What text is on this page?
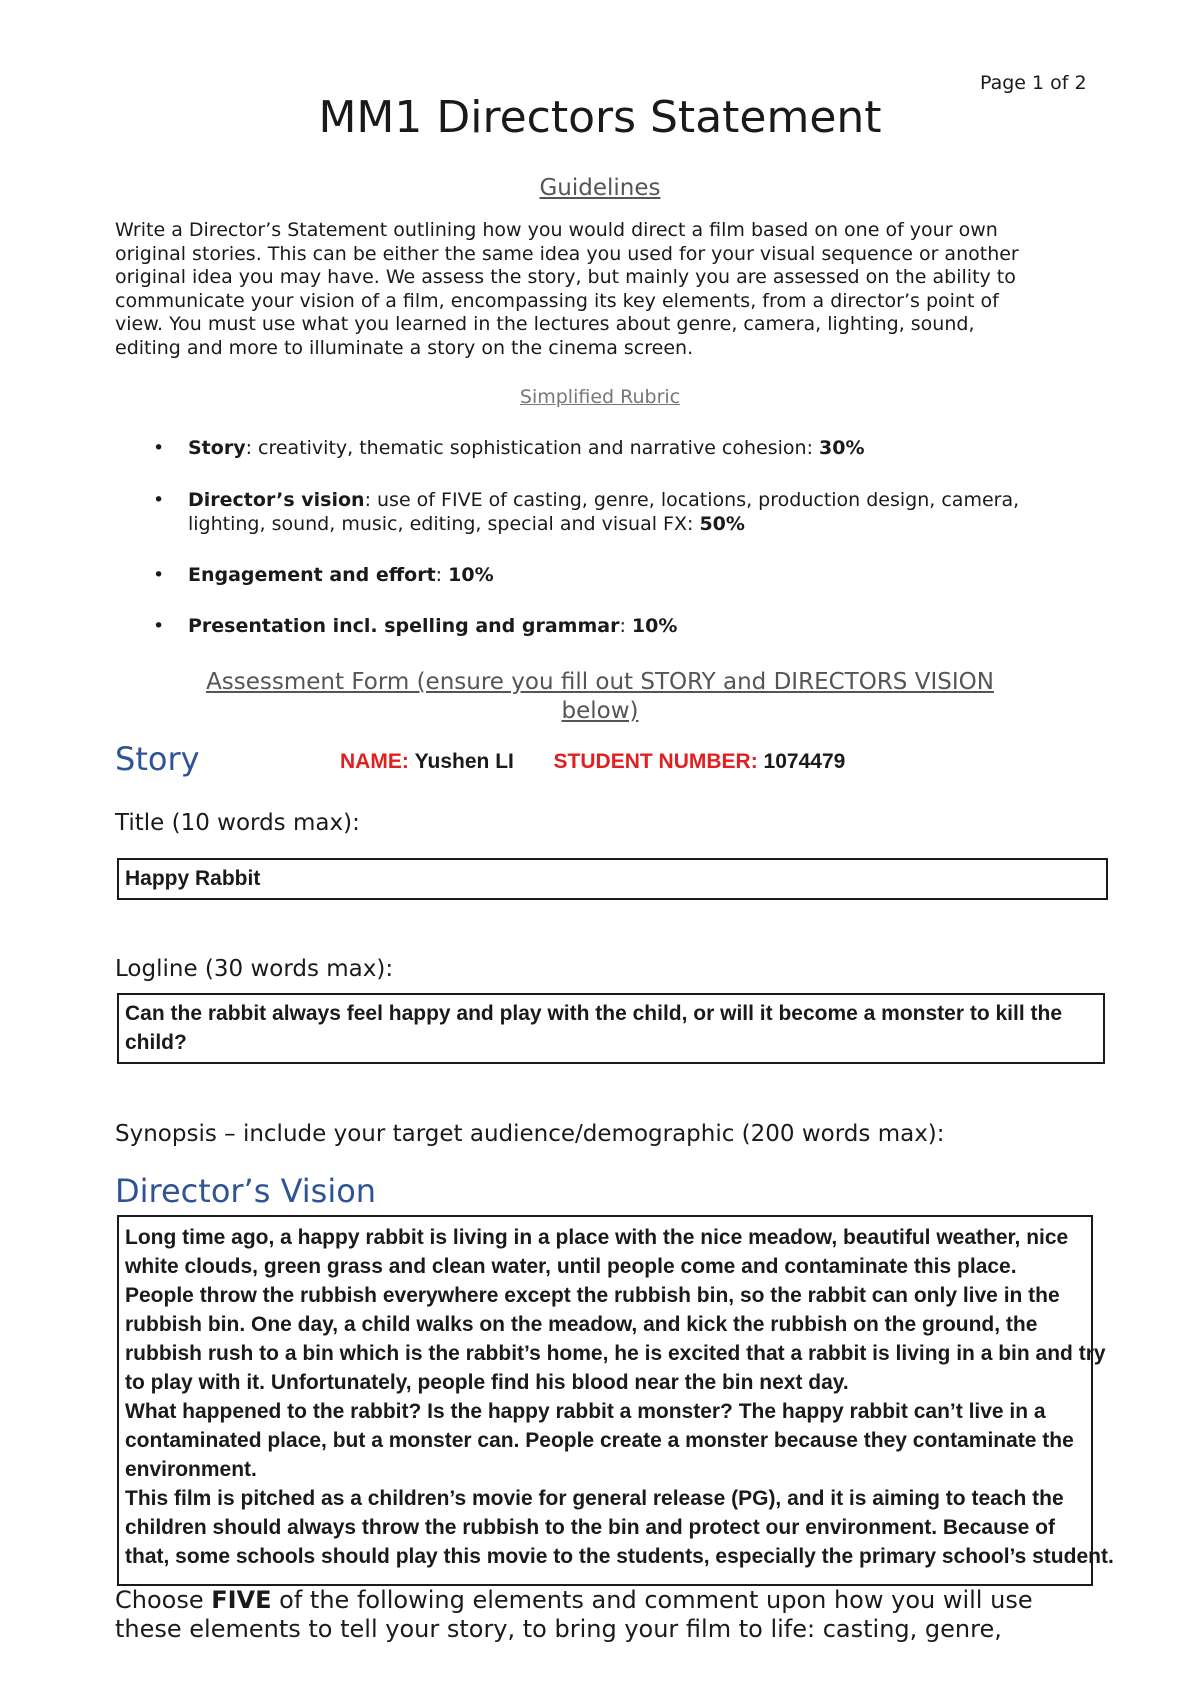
Page 1 of 2
MM1 Directors Statement
Guidelines
Write a Director’s Statement outlining how you would direct a film based on one of your own
original stories. This can be either the same idea you used for your visual sequence or another
original idea you may have. We assess the story, but mainly you are assessed on the ability to
communicate your vision of a film, encompassing its key elements, from a director’s point of
view. You must use what you learned in the lectures about genre, camera, lighting, sound,
editing and more to illuminate a story on the cinema screen.
Simplified Rubric
• Story: creativity, thematic sophistication and narrative cohesion: 30%
• Director’s vision: use of FIVE of casting, genre, locations, production design, camera,
lighting, sound, music, editing, special and visual FX: 50%
• Engagement and effort: 10%
• Presentation incl. spelling and grammar: 10%
Assessment Form (ensure you fill out STORY and DIRECTORS VISION
below)
Story	NAME: Yushen LI STUDENT NUMBER: 1074479
Title (10 words max):
Happy Rabbit
Logline (30 words max):
Can the rabbit always feel happy and play with the child, or will it become a monster to kill the
child?
Synopsis – include your target audience/demographic (200 words max):
Director’s Vision
Long time ago, a happy rabbit is living in a place with the nice meadow, beautiful weather, nice
white clouds, green grass and clean water, until people come and contaminate this place.
People throw the rubbish everywhere except the rubbish bin, so the rabbit can only live in the
rubbish bin. One day, a child walks on the meadow, and kick the rubbish on the ground, the
rubbish rush to a bin which is the rabbit’s home, he is excited that a rabbit is living in a bin and try
to play with it. Unfortunately, people find his blood near the bin next day.
What happened to the rabbit? Is the happy rabbit a monster? The happy rabbit can’t live in a
contaminated place, but a monster can. People create a monster because they contaminate the
environment.
This film is pitched as a children’s movie for general release (PG), and it is aiming to teach the
children should always throw the rubbish to the bin and protect our environment. Because of
that, some schools should play this movie to the students, especially the primary school’s student.
Choose FIVE of the following elements and comment upon how you will use
these elements to tell your story, to bring your film to life: casting, genre,
